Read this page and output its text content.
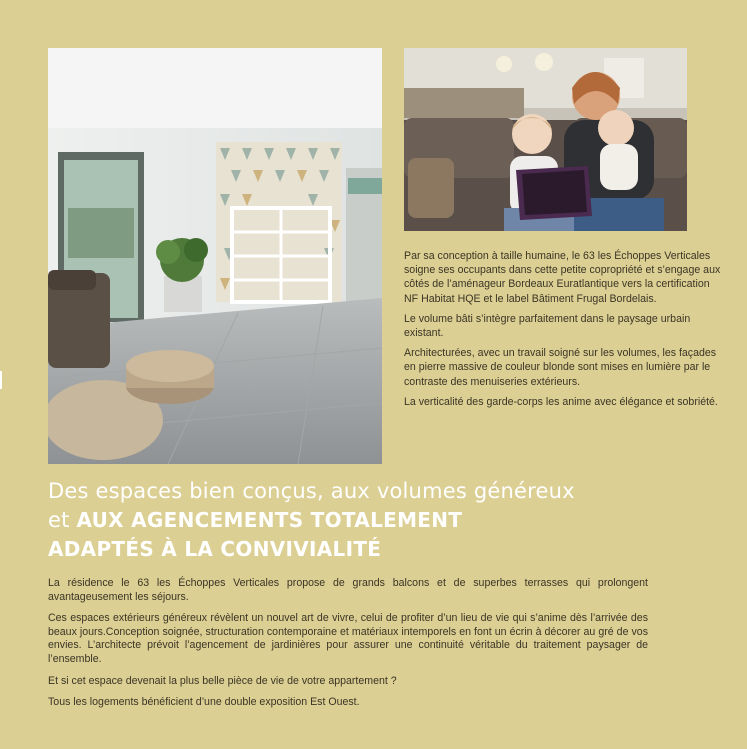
Par sa conception à taille humaine, le 63 les Échoppes Verticales soigne ses occupants dans cette petite copropriété et s’engage aux côtés de l’aménageur Bordeaux Euratlantique vers la certification NF Habitat HQE et le label Bâtiment Frugal Bordelais.

Le volume bâti s’intègre parfaitement dans le paysage urbain existant.

Architecturées, avec un travail soigné sur les volumes, les façades en pierre massive de couleur blonde sont mises en lumière par le contraste des menuiseries extérieurs.

La verticalité des garde-corps les anime avec élégance et sobriété.

Des espaces bien conçus, aux volumes généreux
et AUX AGENCEMENTS TOTALEMENT
ADAPTÉS À LA CONVIVIALITÉ

La résidence le 63 les Échoppes Verticales propose de grands balcons et de superbes terrasses qui prolongent avantageusement les séjours.

Ces espaces extérieurs généreux révèlent un nouvel art de vivre, celui de profiter d’un lieu de vie qui s’anime dès l’arrivée des beaux jours.Conception soignée, structuration contemporaine et matériaux intemporels en font un écrin à décorer au gré de vos envies. L’architecte prévoit l’agencement de jardinières pour assurer une continuité véritable du traitement paysager de l’ensemble.

Et si cet espace devenait la plus belle pièce de vie de votre appartement ?

Tous les logements bénéficient d’une double exposition Est Ouest.
